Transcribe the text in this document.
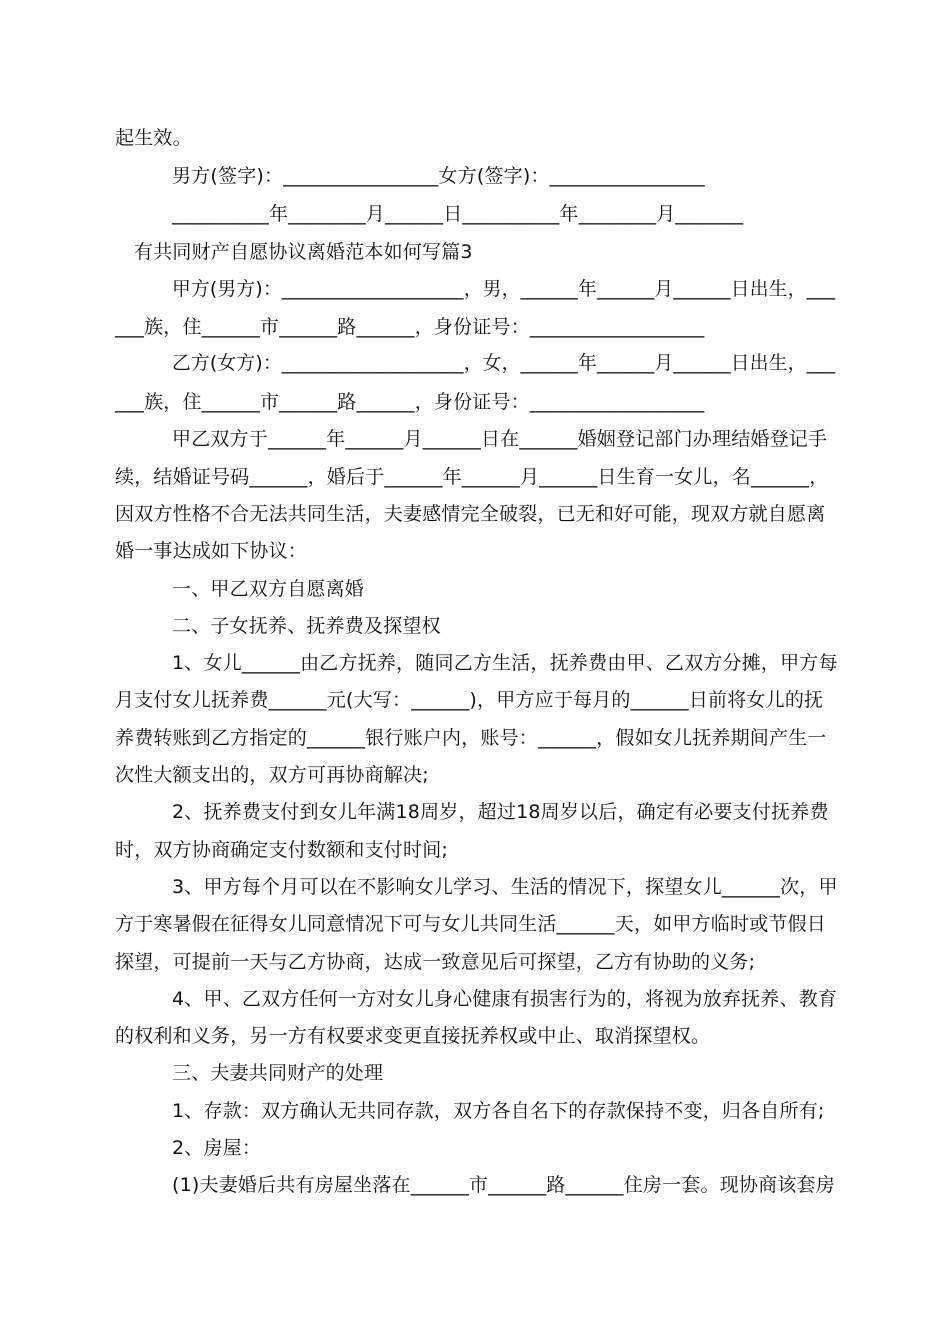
起生效。
男方(签字)：________________女方(签字)：________________
__________年________月______日__________年________月_______
有共同财产自愿协议离婚范本如何写篇3
甲方(男方)：___________________，男，______年______月______日出生，___
___族，住______市______路______，身份证号：__________________
乙方(女方)：___________________，女，______年______月______日出生，___
___族，住______市______路______，身份证号：__________________
甲乙双方于______年______月______日在______婚姻登记部门办理结婚登记手
续，结婚证号码______，婚后于______年______月______日生育一女儿，名______，
因双方性格不合无法共同生活，夫妻感情完全破裂，已无和好可能，现双方就自愿离
婚一事达成如下协议：
一、甲乙双方自愿离婚
二、子女抚养、抚养费及探望权
1、女儿______由乙方抚养，随同乙方生活，抚养费由甲、乙双方分摊，甲方每
月支付女儿抚养费______元(大写：______)，甲方应于每月的______日前将女儿的抚
养费转账到乙方指定的______银行账户内，账号：______，假如女儿抚养期间产生一
次性大额支出的，双方可再协商解决;
2、抚养费支付到女儿年满18周岁，超过18周岁以后，确定有必要支付抚养费
时，双方协商确定支付数额和支付时间;
3、甲方每个月可以在不影响女儿学习、生活的情况下，探望女儿______次，甲
方于寒暑假在征得女儿同意情况下可与女儿共同生活______天，如甲方临时或节假日
探望，可提前一天与乙方协商，达成一致意见后可探望，乙方有协助的义务;
4、甲、乙双方任何一方对女儿身心健康有损害行为的，将视为放弃抚养、教育
的权利和义务，另一方有权要求变更直接抚养权或中止、取消探望权。
三、夫妻共同财产的处理
1、存款：双方确认无共同存款，双方各自名下的存款保持不变，归各自所有;
2、房屋：
(1)夫妻婚后共有房屋坐落在______市______路______住房一套。现协商该套房
